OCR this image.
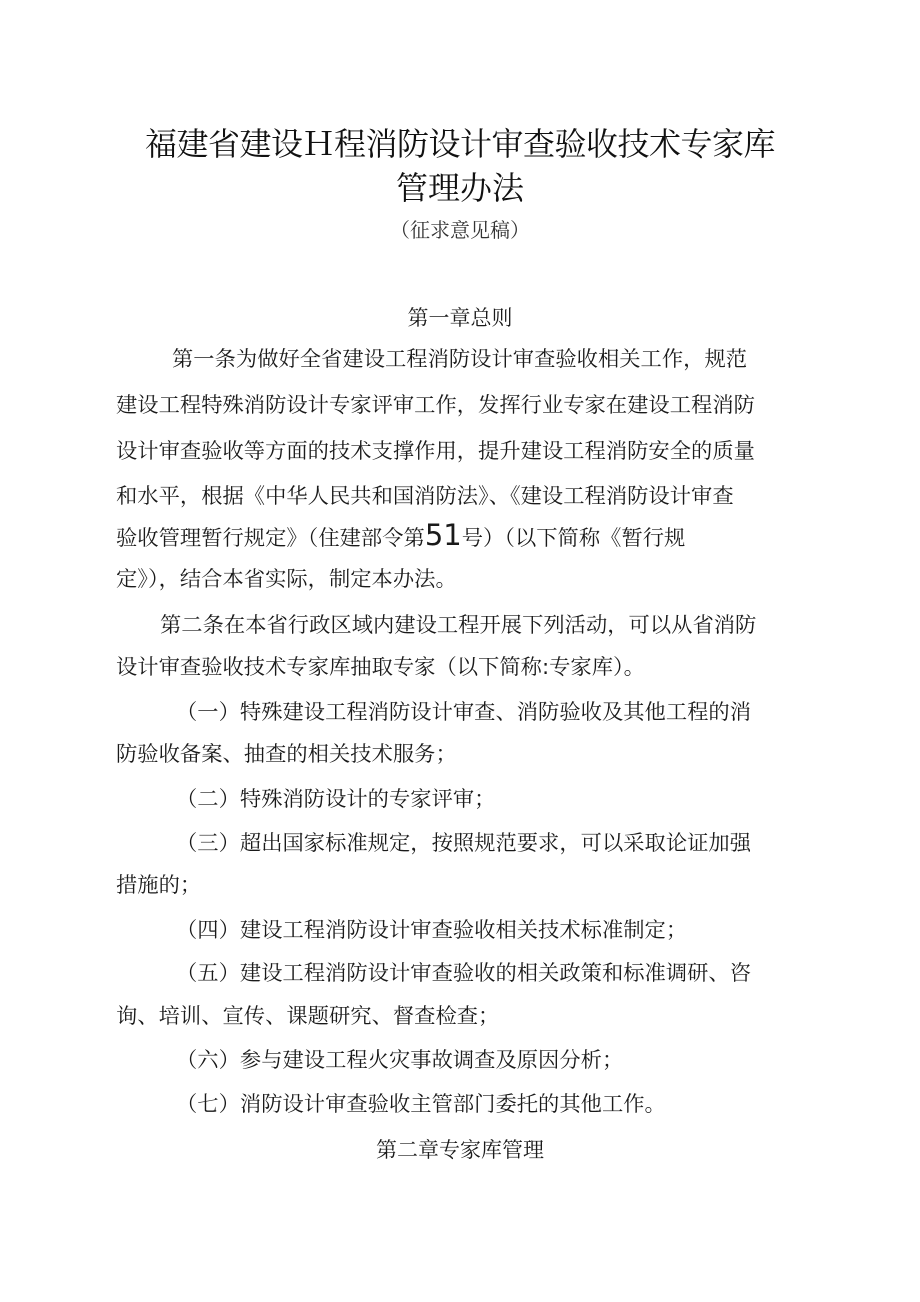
福建省建设Ｈ程消防设计审查验收技术专家库
管理办法
（征求意见稿）
第一章总则
第一条为做好全省建设工程消防设计审查验收相关工作，规范
建设工程特殊消防设计专家评审工作，发挥行业专家在建设工程消防
设计审查验收等方面的技术支撑作用，提升建设工程消防安全的质量
和水平，根据《中华人民共和国消防法》、《建设工程消防设计审查
验收管理暂行规定》（住建部令第51号）（以下简称《暂行规
定》），结合本省实际，制定本办法。
第二条在本省行政区域内建设工程开展下列活动，可以从省消防
设计审查验收技术专家库抽取专家（以下简称:专家库）。
（一）特殊建设工程消防设计审查、消防验收及其他工程的消
防验收备案、抽查的相关技术服务；
（二）特殊消防设计的专家评审；
（三）超出国家标准规定，按照规范要求，可以采取论证加强
措施的；
（四）建设工程消防设计审查验收相关技术标准制定；
（五）建设工程消防设计审查验收的相关政策和标准调研、咨
询、培训、宣传、课题研究、督查检查；
（六）参与建设工程火灾事故调查及原因分析；
（七）消防设计审查验收主管部门委托的其他工作。
第二章专家库管理
